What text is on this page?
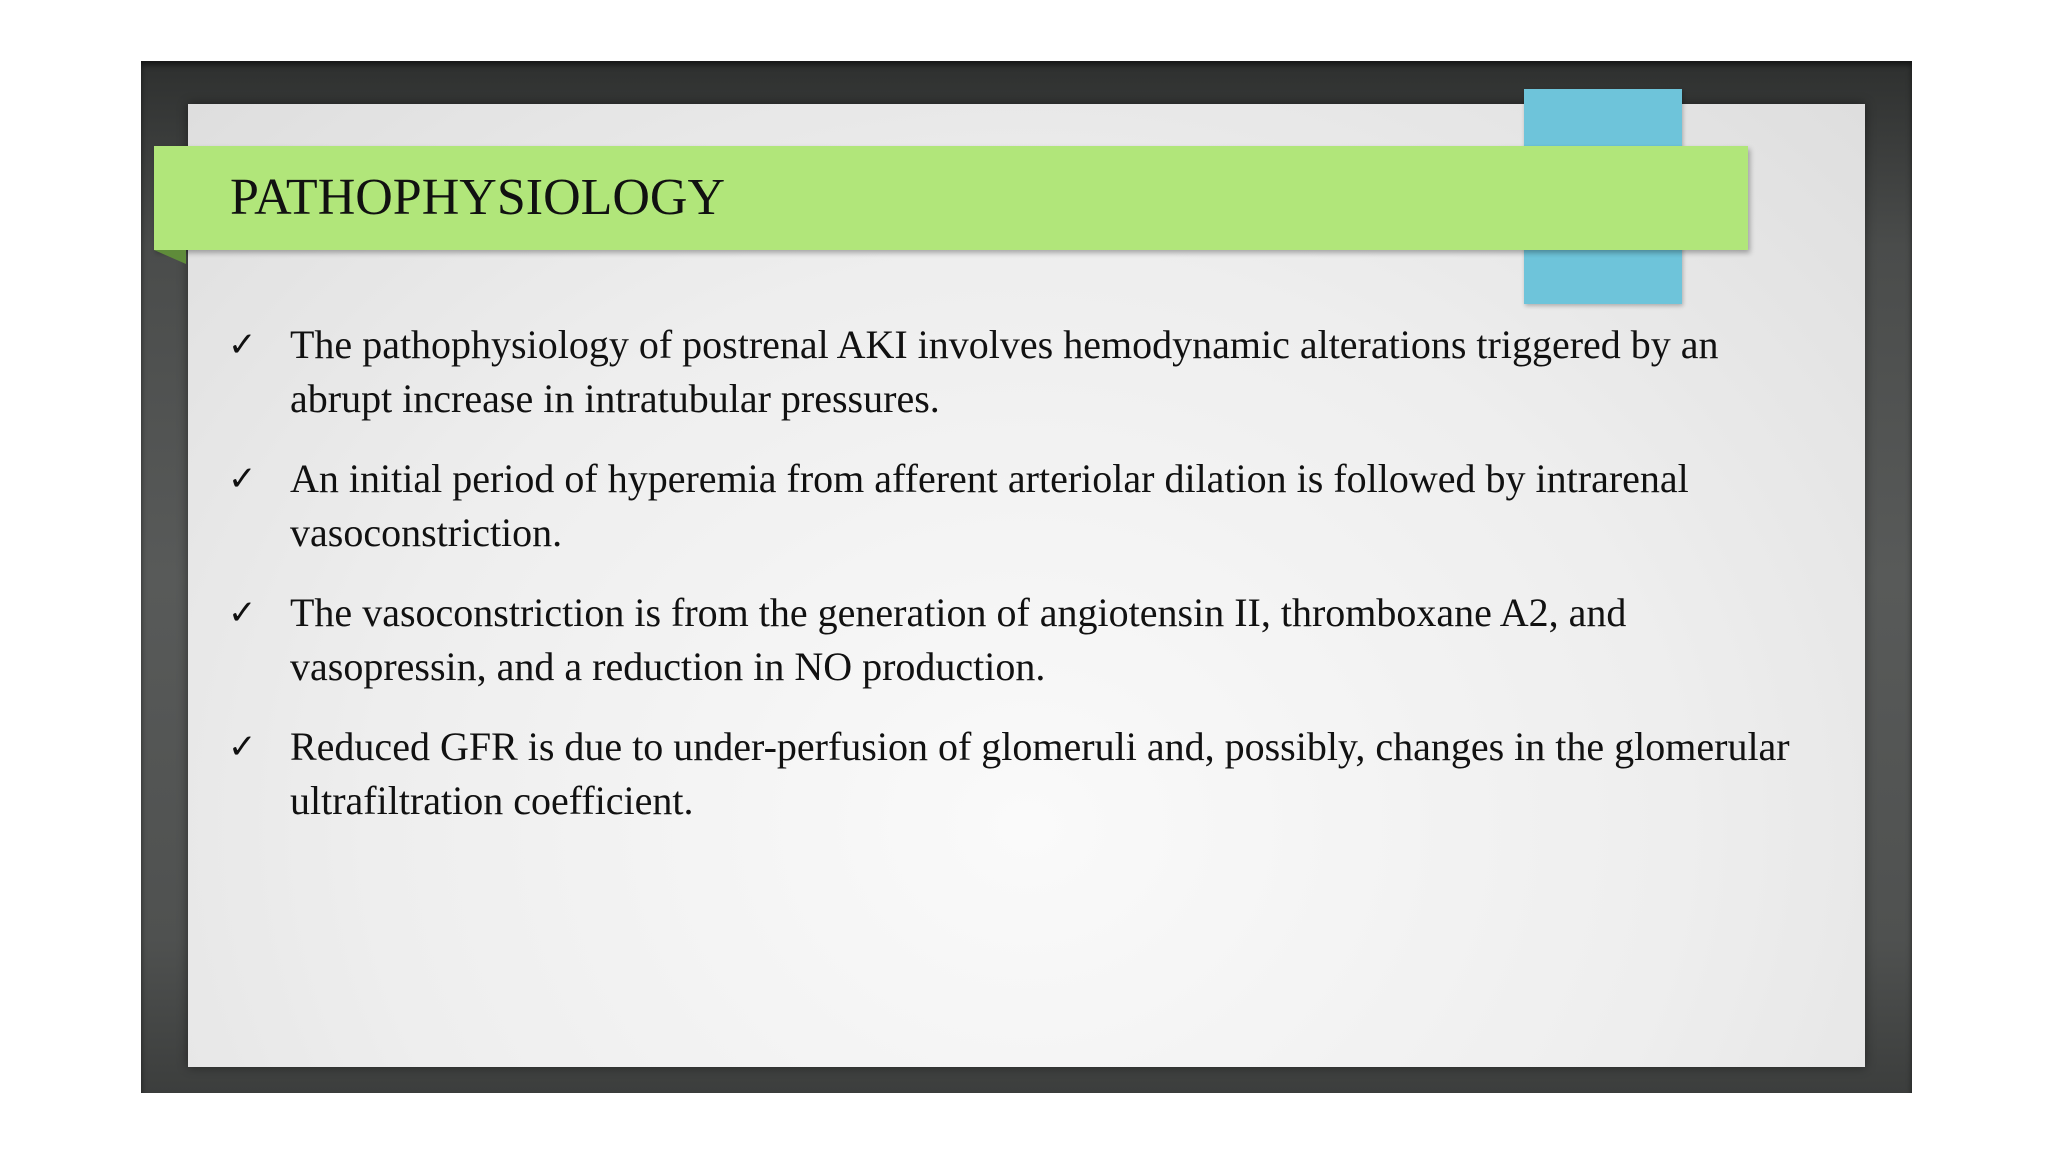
PATHOPHYSIOLOGY
✓ The pathophysiology of postrenal AKI involves hemodynamic alterations triggered by an abrupt increase in intratubular pressures.
✓ An initial period of hyperemia from afferent arteriolar dilation is followed by intrarenal vasoconstriction.
✓ The vasoconstriction is from the generation of angiotensin II, thromboxane A2, and vasopressin, and a reduction in NO production.
✓ Reduced GFR is due to under-perfusion of glomeruli and, possibly, changes in the glomerular ultrafiltration coefficient.
